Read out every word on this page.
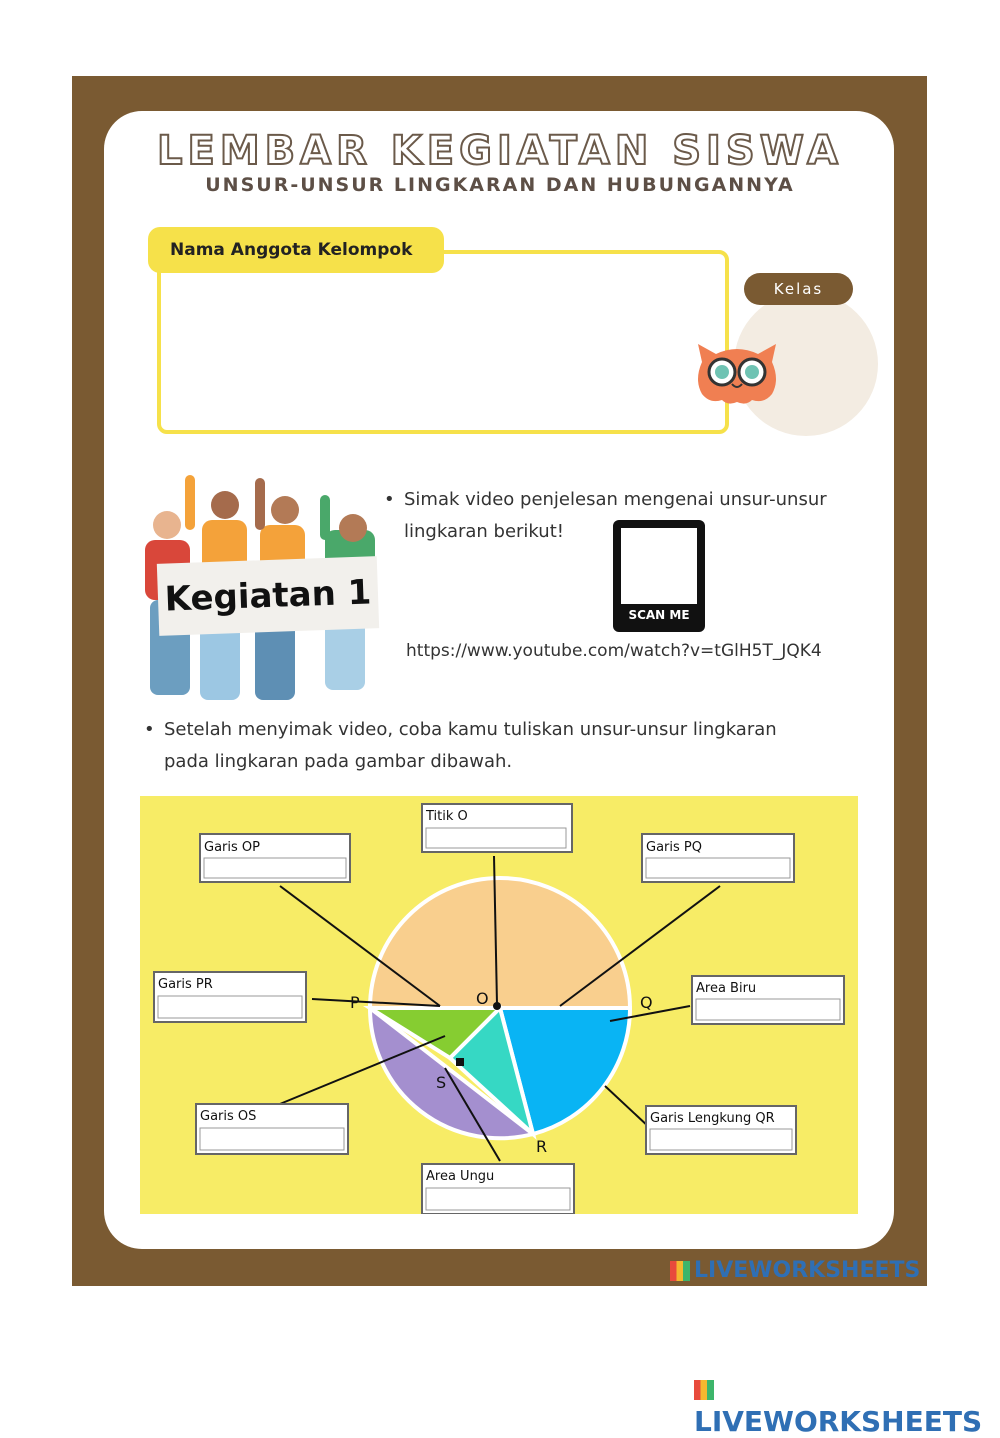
LEMBAR KEGIATAN SISWA
UNSUR-UNSUR LINGKARAN DAN HUBUNGANNYA
Nama Anggota Kelompok
Kelas
Kegiatan 1
• Simak video penjelesan mengenai unsur-unsur lingkaran berikut!
SCAN ME
https://www.youtube.com/watch?v=tGlH5T_JQK4
• Setelah menyimak video, coba kamu tuliskan unsur-unsur lingkaran pada lingkaran pada gambar dibawah.
P	O	Q
R
S
Titik O
Garis OP	Garis PQ
Garis PR	Area Biru
Garis OS	Garis Lengkung QR
Area Ungu
LIVEWORKSHEETS
LIVEWORKSHEETS
